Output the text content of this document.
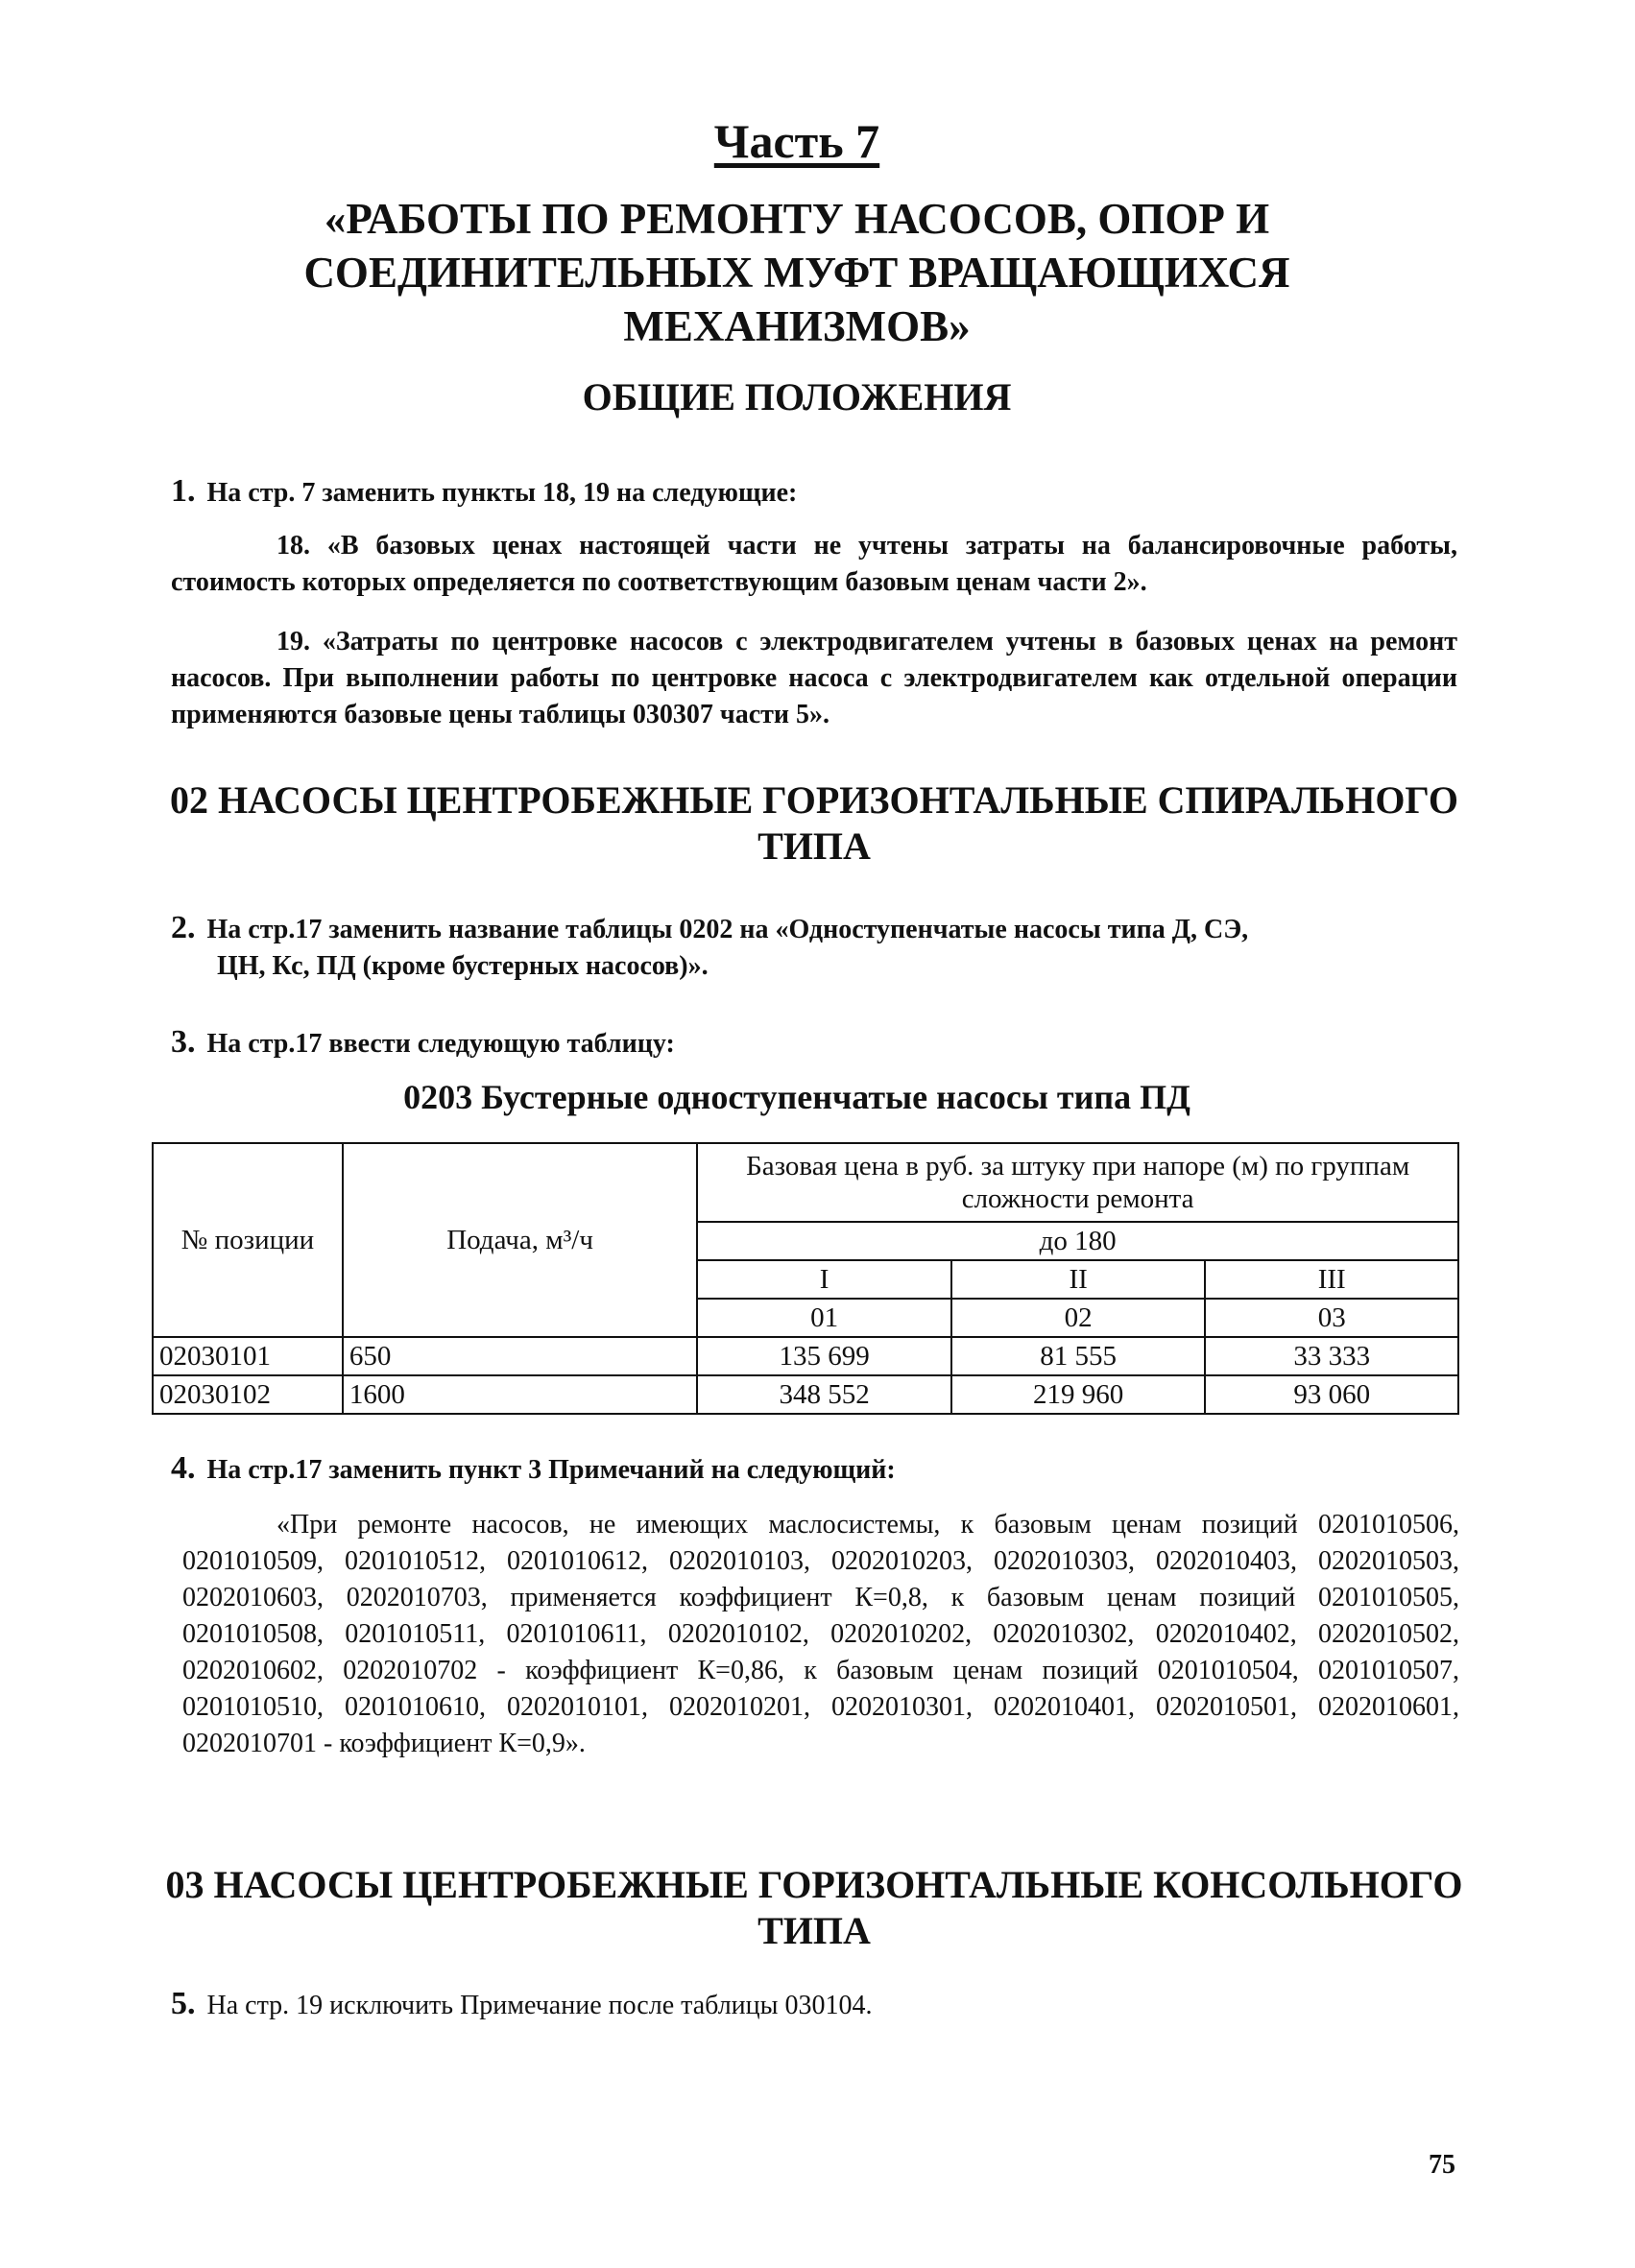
Часть 7
«РАБОТЫ ПО РЕМОНТУ НАСОСОВ, ОПОР И
СОЕДИНИТЕЛЬНЫХ МУФТ ВРАЩАЮЩИХСЯ
МЕХАНИЗМОВ»
ОБЩИЕ ПОЛОЖЕНИЯ
1. На стр. 7 заменить пункты 18, 19 на следующие:
18. «В базовых ценах настоящей части не учтены затраты на балансировочные работы, стоимость которых определяется по соответствующим базовым ценам части 2».
19. «Затраты по центровке насосов с электродвигателем учтены в базовых ценах на ремонт насосов. При выполнении работы по центровке насоса с электродвигателем как отдельной операции применяются базовые цены таблицы 030307 части 5».
02 НАСОСЫ ЦЕНТРОБЕЖНЫЕ ГОРИЗОНТАЛЬНЫЕ СПИРАЛЬНОГО
ТИПА
2. На стр.17 заменить название таблицы 0202 на «Одноступенчатые насосы типа Д, СЭ,
ЦН, Кс, ПД (кроме бустерных насосов)».
3. На стр.17 ввести следующую таблицу:
0203 Бустерные одноступенчатые насосы типа ПД
№ позиции	Подача, м³/ч	Базовая цена в руб. за штуку при напоре (м) по группам сложности ремонта		
		до 180		
		I	II	III
		01	02	03
02030101	650	135 699	81 555	33 333
02030102	1600	348 552	219 960	93 060
4. На стр.17 заменить пункт 3 Примечаний на следующий:
«При ремонте насосов, не имеющих маслосистемы, к базовым ценам позиций 0201010506, 0201010509, 0201010512, 0201010612, 0202010103, 0202010203, 0202010303, 0202010403, 0202010503, 0202010603, 0202010703, применяется коэффициент К=0,8, к базовым ценам позиций 0201010505, 0201010508, 0201010511, 0201010611, 0202010102, 0202010202, 0202010302, 0202010402, 0202010502, 0202010602, 0202010702 - коэффициент К=0,86, к базовым ценам позиций 0201010504, 0201010507, 0201010510, 0201010610, 0202010101, 0202010201, 0202010301, 0202010401, 0202010501, 0202010601, 0202010701 - коэффициент К=0,9».
03 НАСОСЫ ЦЕНТРОБЕЖНЫЕ ГОРИЗОНТАЛЬНЫЕ КОНСОЛЬНОГО
ТИПА
5. На стр. 19 исключить Примечание после таблицы 030104.
75
